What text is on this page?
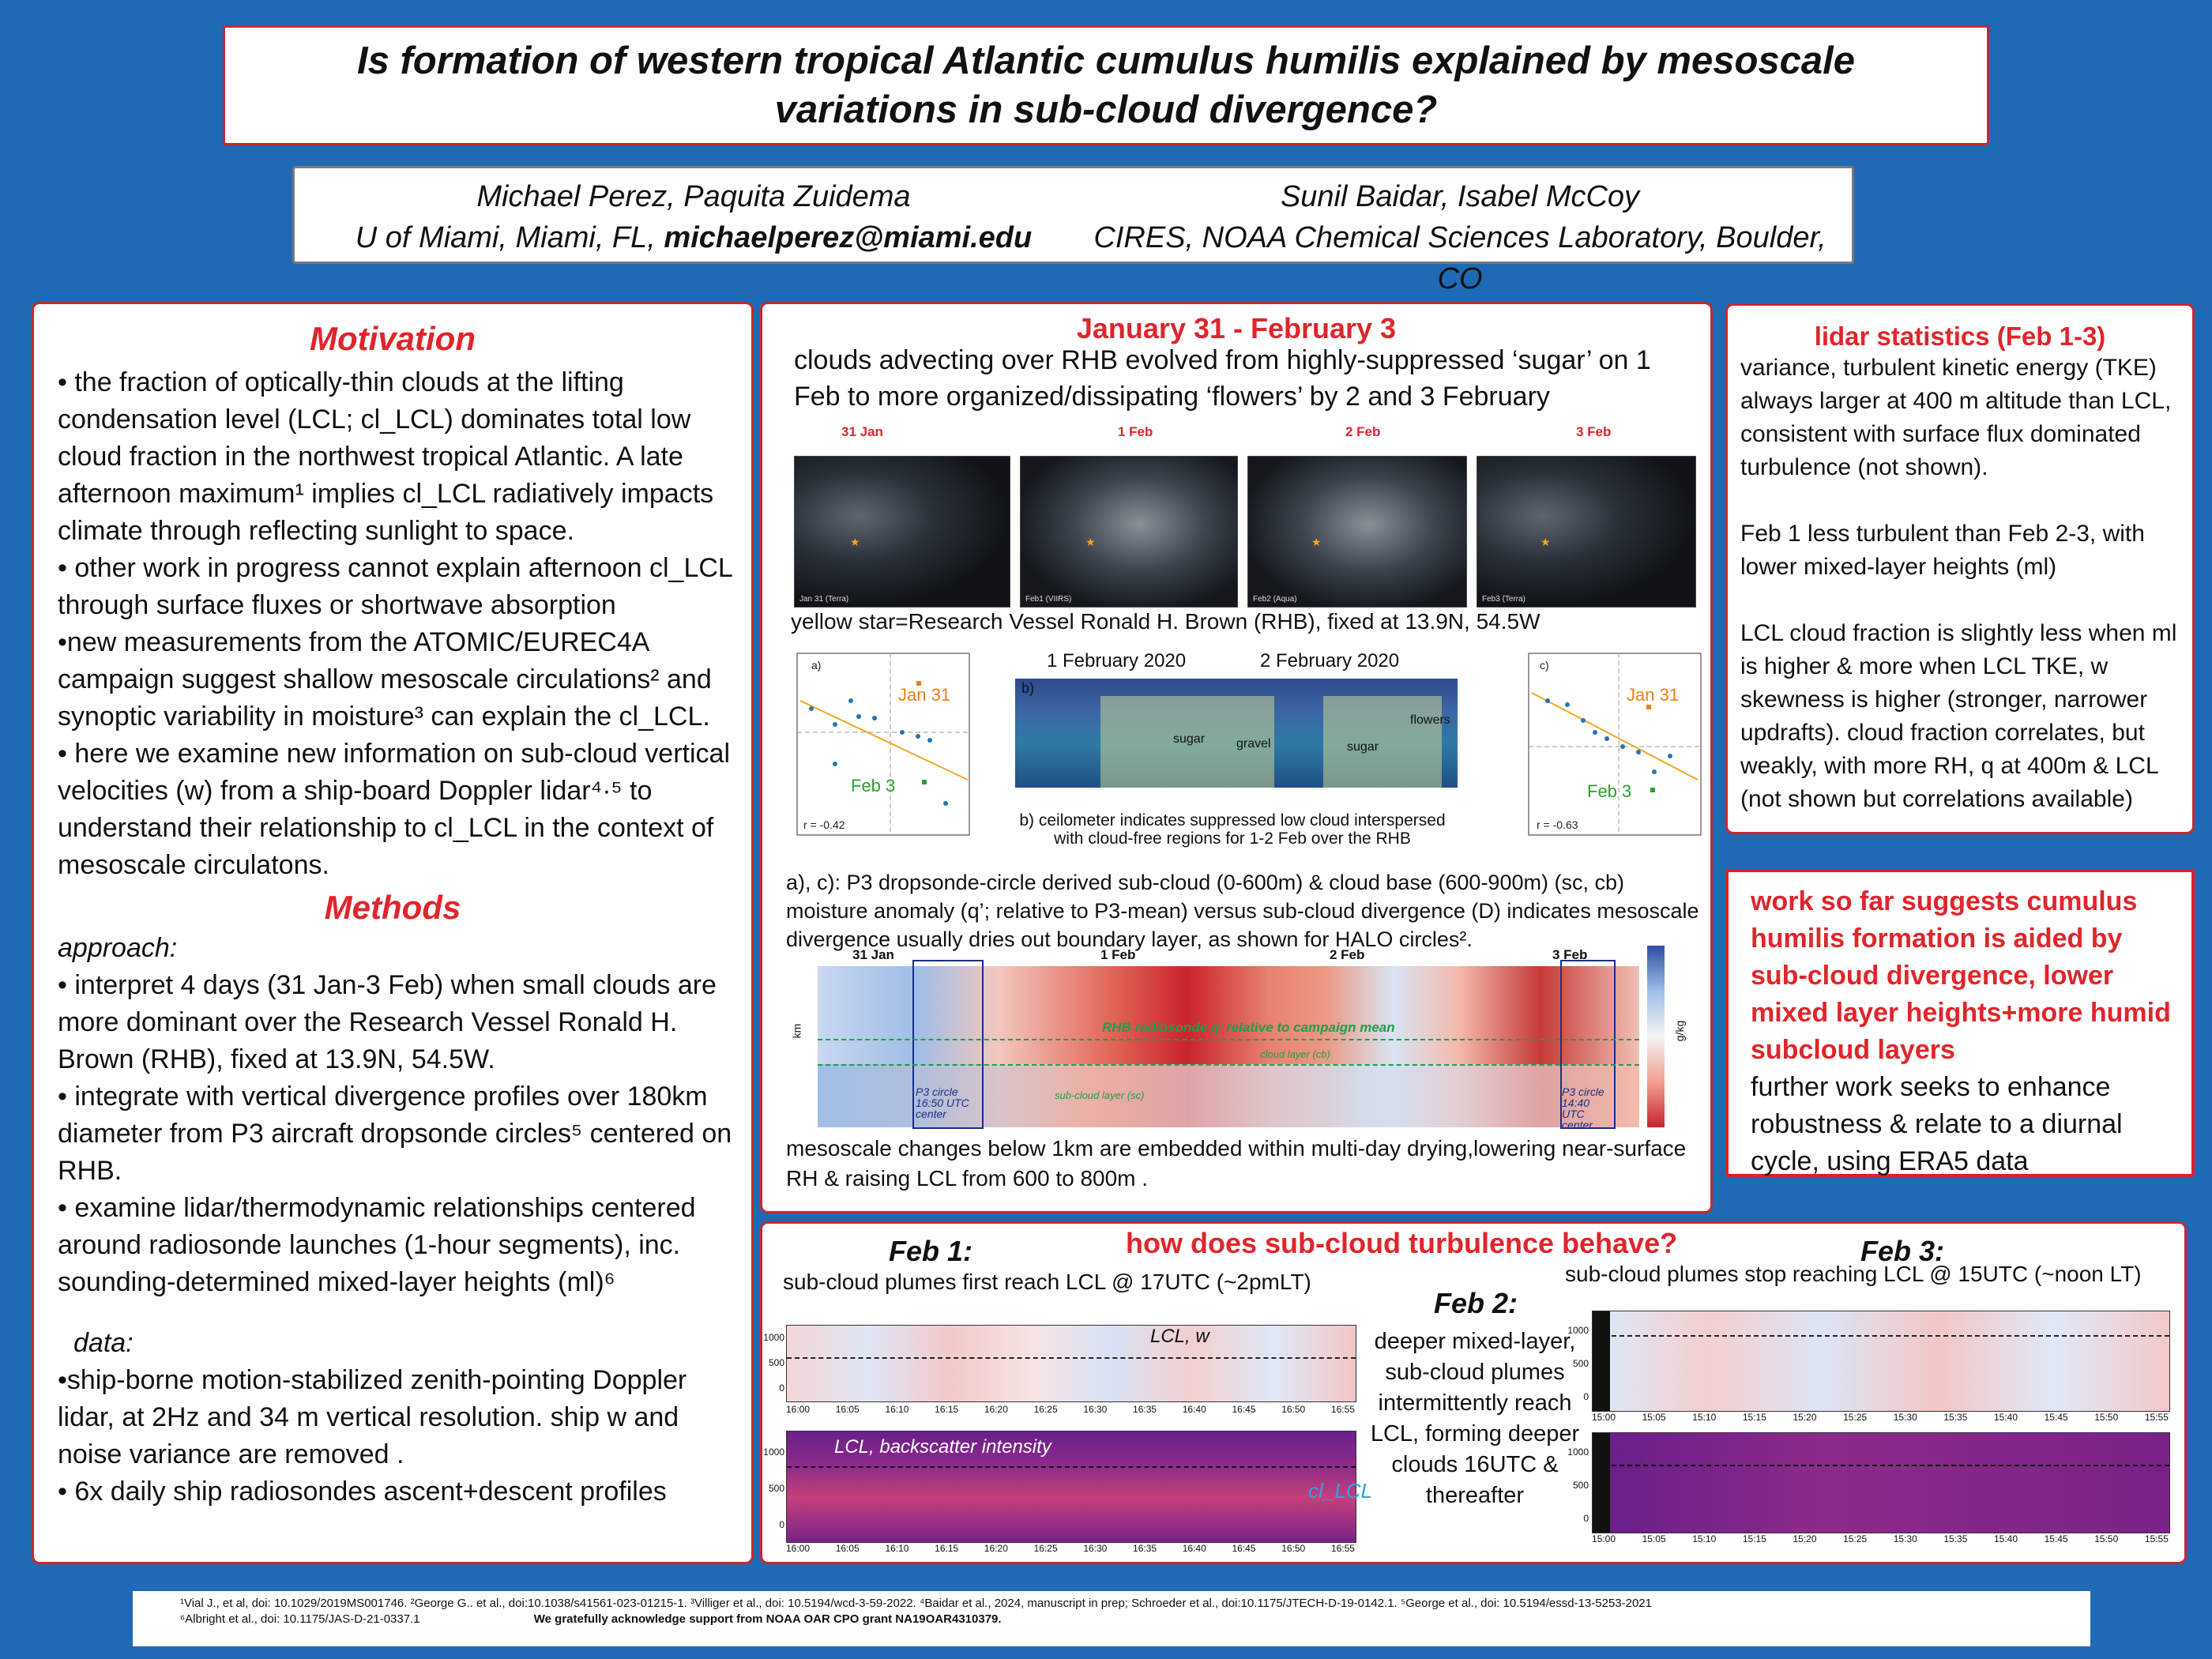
Is formation of western tropical Atlantic cumulus humilis explained by mesoscale
variations in sub-cloud divergence?
Michael Perez, Paquita Zuidema
U of Miami, Miami, FL, michaelperez@miami.edu
Sunil Baidar, Isabel McCoy
CIRES, NOAA Chemical Sciences Laboratory, Boulder, CO
Motivation

• the fraction of optically-thin clouds at the lifting condensation level (LCL; cl_LCL) dominates total low cloud fraction in the northwest tropical Atlantic. A late afternoon maximum¹ implies cl_LCL radiatively impacts climate through reflecting sunlight to space.

• other work in progress cannot explain afternoon cl_LCL through surface fluxes or shortwave absorption

•new measurements from the ATOMIC/EUREC4A campaign suggest shallow mesoscale circulations² and synoptic variability in moisture³ can explain the cl_LCL.

• here we examine new information on sub-cloud vertical velocities (w) from a ship-board Doppler lidar⁴·⁵ to understand their relationship to cl_LCL in the context of mesoscale circulatons.

Methods

approach:

• interpret 4 days (31 Jan-3 Feb) when small clouds are more dominant over the Research Vessel Ronald H. Brown (RHB), fixed at 13.9N, 54.5W.

• integrate with vertical divergence profiles over 180km diameter from P3 aircraft dropsonde circles⁵ centered on RHB.

• examine lidar/thermodynamic relationships centered around radiosonde launches (1-hour segments), inc. sounding-determined mixed-layer heights (ml)⁶

data:

•ship-borne motion-stabilized zenith-pointing Doppler lidar, at 2Hz and 34 m vertical resolution. ship w and noise variance are removed .

• 6x daily ship radiosondes ascent+descent profiles

January 31 - February 3
clouds advecting over RHB evolved from highly-suppressed ‘sugar’ on 1 Feb to more organized/dissipating ‘flowers’ by 2 and 3 February
31 Jan	1 Feb	2 Feb	3 Feb
★
Jan 31 (Terra)
★
Feb1 (VIIRS)
★
Feb2 (Aqua)
★
Feb3 (Terra)
yellow star=Research Vessel Ronald H. Brown (RHB), fixed at 13.9N, 54.5W
a)
Jan 31
Feb 3
r = -0.42
1 February 2020	2 February 2020
b)
sugar gravel	sugar
flowers
b) ceilometer indicates suppressed low cloud interspersed with cloud-free regions for 1-2 Feb over the RHB
c)
Jan 31
Feb 3
r = -0.63
a), c): P3 dropsonde-circle derived sub-cloud (0-600m) & cloud base (600-900m) (sc, cb) moisture anomaly (q’; relative to P3-mean) versus sub-cloud divergence (D) indicates mesoscale divergence usually dries out boundary layer, as shown for HALO circles².
31 Jan	1 Feb	2 Feb	3 Feb
RHB radiosonde q’ relative to campaign mean
cloud layer (cb)
sub-cloud layer (sc)
P3 circle 16:50 UTC center
P3 circle 14:40 UTC center
km	g/kg
mesoscale changes below 1km are embedded within multi-day drying,lowering near-surface RH & raising LCL from 600 to 800m .
lidar statistics (Feb 1-3)

variance, turbulent kinetic energy (TKE) always larger at 400 m altitude than LCL, consistent with surface flux dominated turbulence (not shown).

Feb 1 less turbulent than Feb 2-3, with lower mixed-layer heights (ml)

LCL cloud fraction is slightly less when ml is higher & more when LCL TKE, w skewness is higher (stronger, narrower updrafts). cloud fraction correlates, but weakly, with more RH, q at 400m & LCL (not shown but correlations available)

work so far suggests cumulus humilis formation is aided by sub-cloud divergence, lower mixed layer heights+more humid subcloud layers
further work seeks to enhance robustness & relate to a diurnal cycle, using ERA5 data
how does sub-cloud turbulence behave?
Feb 1:
sub-cloud plumes first reach LCL @ 17UTC (~2pmLT)
Feb 2:
deeper mixed-layer, sub-cloud plumes intermittently reach LCL, forming deeper clouds 16UTC & thereafter
Feb 3:
sub-cloud plumes stop reaching LCL @ 15UTC (~noon LT)
LCL, w
16:00	16:05	16:10	16:15	16:20	16:25	16:30	16:35	16:40	16:45	16:50	16:55
LCL, backscatter intensity
cl_LCL
16:00	16:05	16:10	16:15	16:20	16:25	16:30	16:35	16:40	16:45	16:50	16:55
15:00	15:05	15:10	15:15	15:20	15:25	15:30	15:35	15:40	15:45	15:50	15:55
15:00	15:05	15:10	15:15	15:20	15:25	15:30	15:35	15:40	15:45	15:50	15:55
1000
500
0
1000
500
0
1000
500
0
1000
500
0
¹Vial J., et al, doi: 10.1029/2019MS001746. ²George G.. et al., doi:10.1038/s41561-023-01215-1. ³Villiger et al., doi: 10.5194/wcd-3-59-2022. ⁴Baidar et al., 2024, manuscript in prep; Schroeder et al., doi:10.1175/JTECH-D-19-0142.1. ⁵George et al., doi: 10.5194/essd-13-5253-2021
⁶Albright et al., doi: 10.1175/JAS-D-21-0337.1	We gratefully acknowledge support from NOAA OAR CPO grant NA19OAR4310379.
